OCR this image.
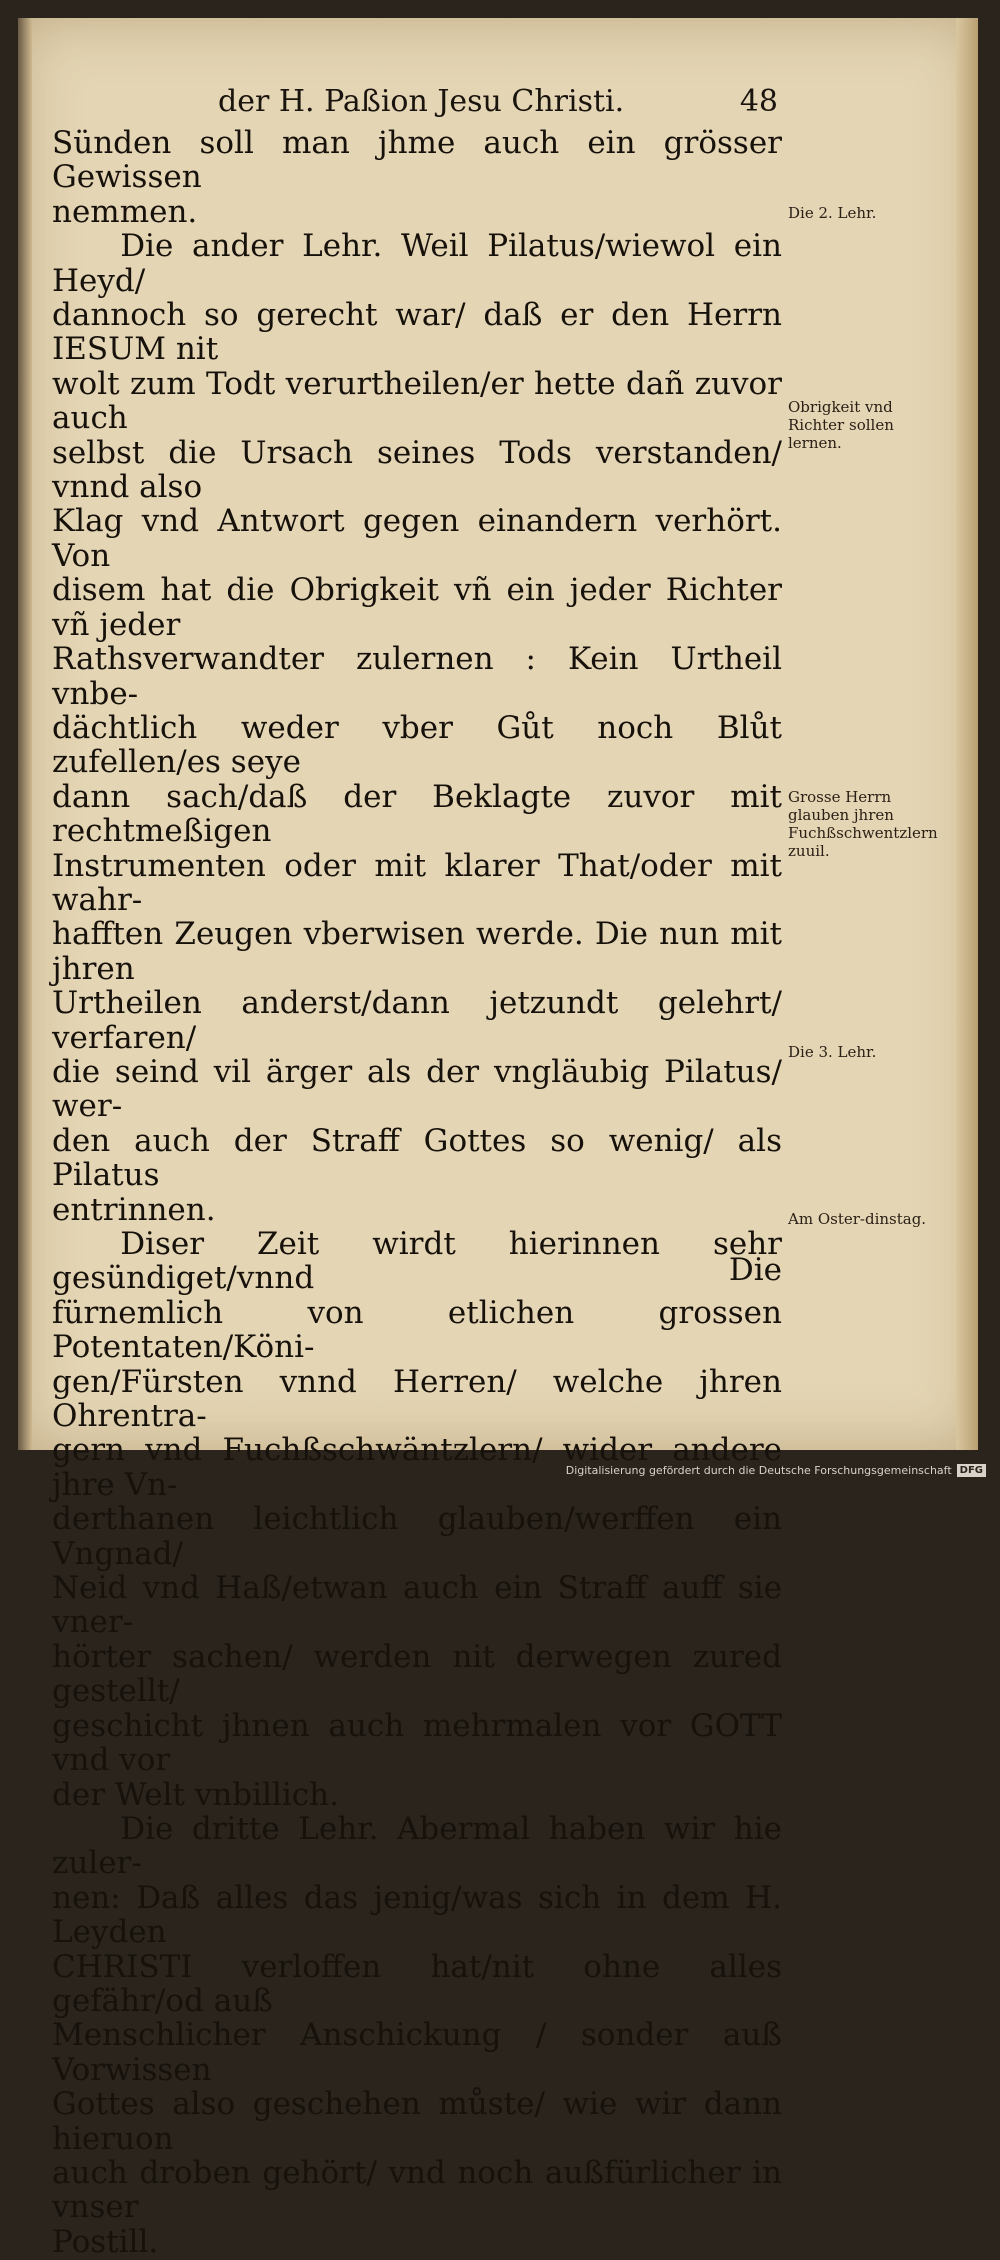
der H. Paßion Jesu Christi.	48

Sünden soll man jhme auch ein grösser Gewissen

nemmen.

Die ander Lehr. Weil Pilatus/wiewol ein Heyd/

dannoch so gerecht war/ daß er den Herrn IESUM nit

wolt zum Todt verurtheilen/er hette dañ zuvor auch

selbst die Ursach seines Tods verstanden/ vnnd also

Klag vnd Antwort gegen einandern verhört. Von

disem hat die Obrigkeit vñ ein jeder Richter vñ jeder

Rathsverwandter zulernen : Kein Urtheil vnbe-

dächtlich weder vber Gůt noch Blůt zufellen/es seye

dann sach/daß der Beklagte zuvor mit rechtmeßigen

Instrumenten oder mit klarer That/oder mit wahr-

hafften Zeugen vberwisen werde. Die nun mit jhren

Urtheilen anderst/dann jetzundt gelehrt/ verfaren/

die seind vil ärger als der vngläubig Pilatus/ wer-

den auch der Straff Gottes so wenig/ als Pilatus

entrinnen.

Diser Zeit wirdt hierinnen sehr gesündiget/vnnd

fürnemlich von etlichen grossen Potentaten/Köni-

gen/Fürsten vnnd Herren/ welche jhren Ohrentra-

gern vnd Fuchßschwäntzlern/ wider andere jhre Vn-

derthanen leichtlich glauben/werffen ein Vngnad/

Neid vnd Haß/etwan auch ein Straff auff sie vner-

hörter sachen/ werden nit derwegen zured gestellt/

geschicht jhnen auch mehrmalen vor GOTT vnd vor

der Welt vnbillich.

Die dritte Lehr. Abermal haben wir hie zuler-

nen: Daß alles das jenig/was sich in dem H. Leyden

CHRISTI verloffen hat/nit ohne alles gefähr/od auß

Menschlicher Anschickung / sonder auß Vorwissen

Gottes also geschehen můste/ wie wir dann hieruon

auch droben gehört/ vnd noch außfürlicher in vnser

Postill.

Die
Die 2. Lehr.
Obrigkeit vnd Richter sollen lernen.
Grosse Herrn glauben jhren Fuchßschwentzlern zuuil.
Die 3. Lehr.
Am Oster-dinstag.
Digitalisierung gefördert durch die Deutsche Forschungsgemeinschaft DFG
